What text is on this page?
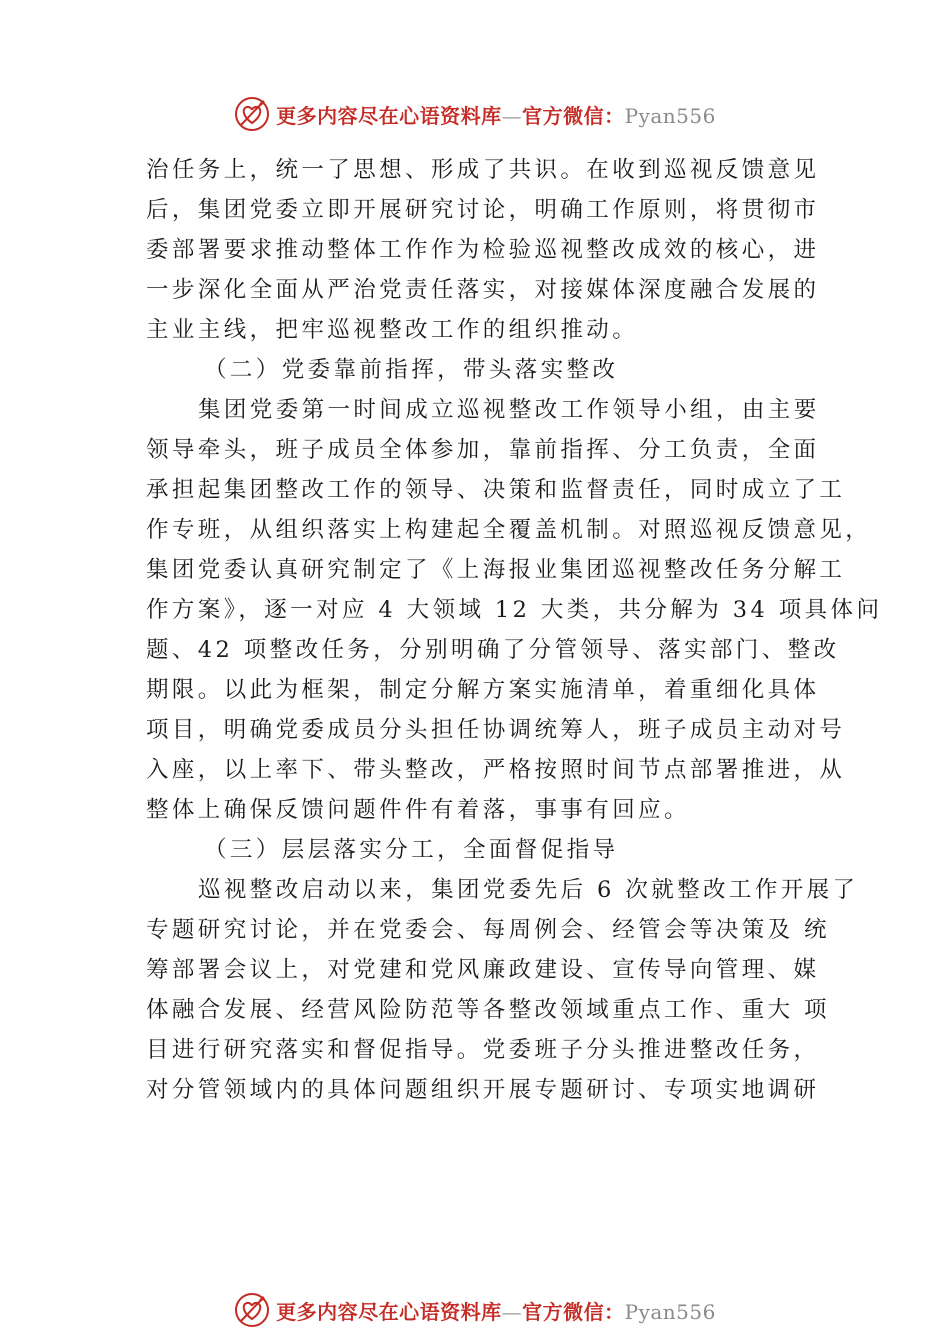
更多内容尽在心语资料库—官方微信：Pyan556
治任务上，统一了思想、形成了共识。在收到巡视反馈意见
后，集团党委立即开展研究讨论，明确工作原则，将贯彻市
委部署要求推动整体工作作为检验巡视整改成效的核心，进
一步深化全面从严治党责任落实，对接媒体深度融合发展的
主业主线，把牢巡视整改工作的组织推动。
（二）党委靠前指挥，带头落实整改
集团党委第一时间成立巡视整改工作领导小组，由主要
领导牵头，班子成员全体参加，靠前指挥、分工负责，全面
承担起集团整改工作的领导、决策和监督责任，同时成立了工
作专班，从组织落实上构建起全覆盖机制。对照巡视反馈意见，
集团党委认真研究制定了《上海报业集团巡视整改任务分解工
作方案》，逐一对应 4 大领域 12 大类，共分解为 34 项具体问
题、42 项整改任务，分别明确了分管领导、落实部门、整改
期限。以此为框架，制定分解方案实施清单，着重细化具体
项目，明确党委成员分头担任协调统筹人，班子成员主动对号
入座，以上率下、带头整改，严格按照时间节点部署推进，从
整体上确保反馈问题件件有着落，事事有回应。
（三）层层落实分工，全面督促指导
巡视整改启动以来，集团党委先后 6 次就整改工作开展了
专题研究讨论，并在党委会、每周例会、经管会等决策及 统
筹部署会议上，对党建和党风廉政建设、宣传导向管理、媒
体融合发展、经营风险防范等各整改领域重点工作、重大 项
目进行研究落实和督促指导。党委班子分头推进整改任务，
对分管领域内的具体问题组织开展专题研讨、专项实地调研
更多内容尽在心语资料库—官方微信：Pyan556
